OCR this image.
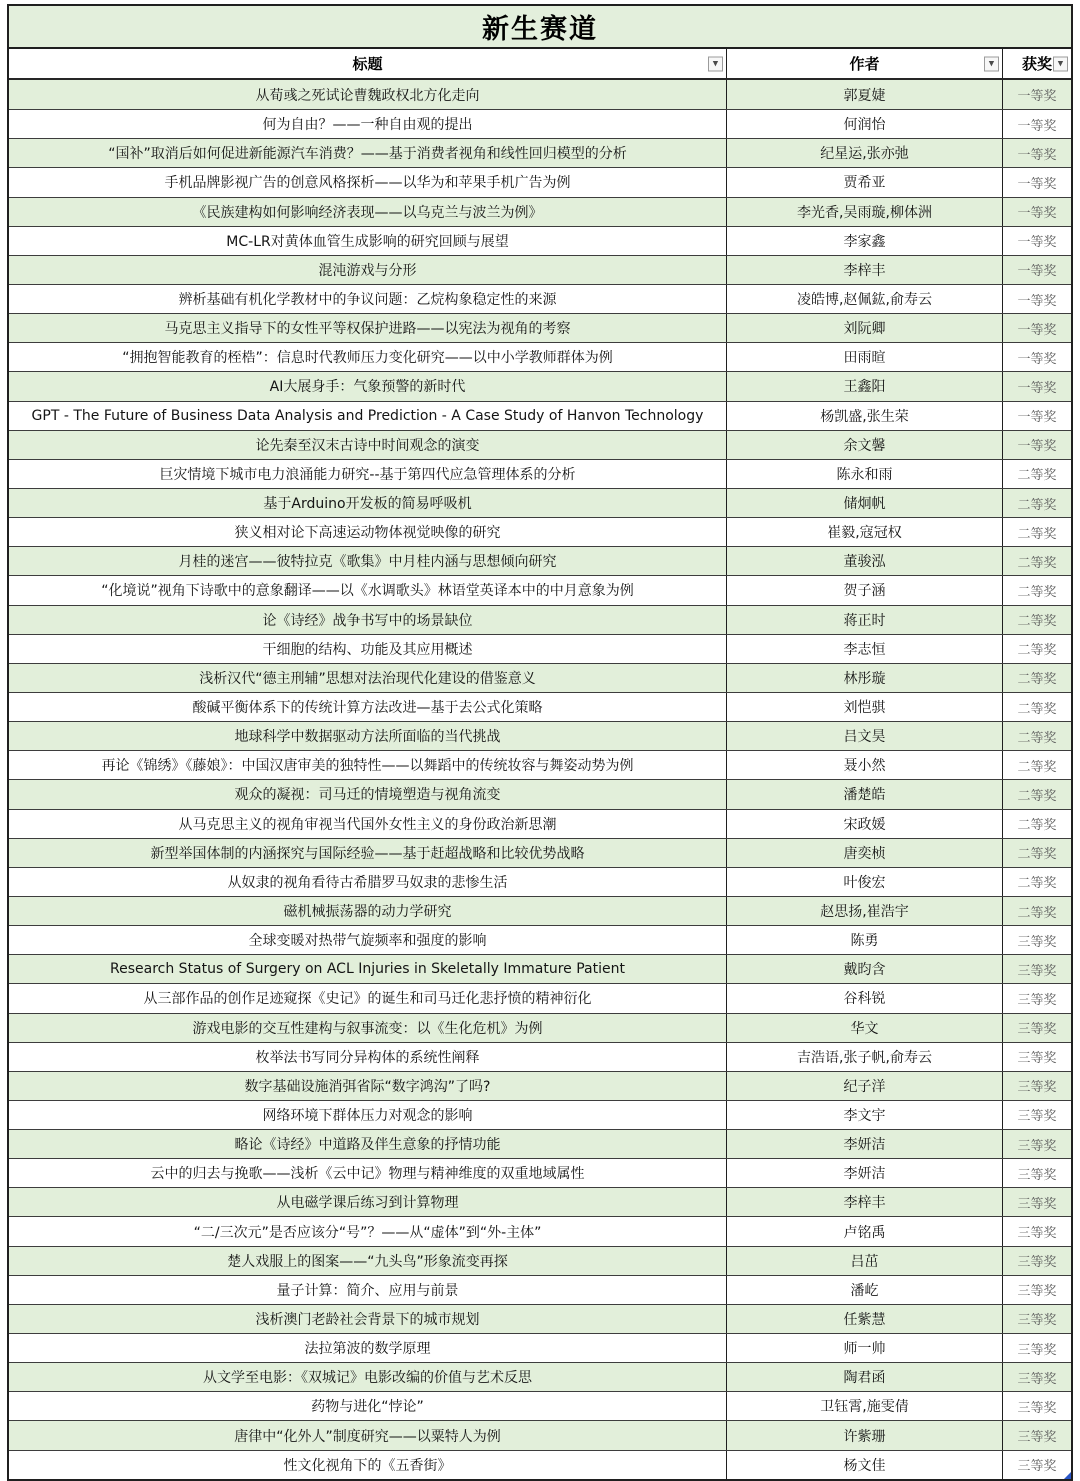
新生赛道
标题	▼	作者	▼ 获奖 ▼
从荀彧之死试论曹魏政权北方化走向	郭夏婕	一等奖
何为自由？——一种自由观的提出	何润怡	一等奖
“国补”取消后如何促进新能源汽车消费？——基于消费者视角和线性回归模型的分析	纪星运,张亦弛	一等奖
手机品牌影视广告的创意风格探析——以华为和苹果手机广告为例	贾希亚	一等奖
《民族建构如何影响经济表现——以乌克兰与波兰为例》	李光香,吴雨璇,柳体洲	一等奖
MC-LR对黄体血管生成影响的研究回顾与展望	李家鑫	一等奖
混沌游戏与分形	李梓丰	一等奖
辨析基础有机化学教材中的争议问题：乙烷构象稳定性的来源	凌皓博,赵佩鈜,俞寿云	一等奖
马克思主义指导下的女性平等权保护进路——以宪法为视角的考察	刘阮卿	一等奖
“拥抱智能教育的桎梏”：信息时代教师压力变化研究——以中小学教师群体为例	田雨暄	一等奖
AI大展身手：气象预警的新时代	王鑫阳	一等奖
GPT - The Future of Business Data Analysis and Prediction - A Case Study of Hanvon Technology	杨凯盛,张生荣	一等奖
论先秦至汉末古诗中时间观念的演变	余文馨	一等奖
巨灾情境下城市电力浪涌能力研究--基于第四代应急管理体系的分析	陈永和雨	二等奖
基于Arduino开发板的简易呼吸机	储炯帆	二等奖
狭义相对论下高速运动物体视觉映像的研究	崔毅,寇冠权	二等奖
月桂的迷宫——彼特拉克《歌集》中月桂内涵与思想倾向研究	董骏泓	二等奖
“化境说”视角下诗歌中的意象翻译——以《水调歌头》林语堂英译本中的中月意象为例	贺子涵	二等奖
论《诗经》战争书写中的场景缺位	蒋正时	二等奖
干细胞的结构、功能及其应用概述	李志恒	二等奖
浅析汉代“德主刑辅”思想对法治现代化建设的借鉴意义	林彤璇	二等奖
酸碱平衡体系下的传统计算方法改进—基于去公式化策略	刘恺骐	二等奖
地球科学中数据驱动方法所面临的当代挑战	吕文昊	二等奖
再论《锦绣》《藤娘》：中国汉唐审美的独特性——以舞蹈中的传统妆容与舞姿动势为例	聂小然	二等奖
观众的凝视：司马迁的情境塑造与视角流变	潘楚皓	二等奖
从马克思主义的视角审视当代国外女性主义的身份政治新思潮	宋政媛	二等奖
新型举国体制的内涵探究与国际经验——基于赶超战略和比较优势战略	唐奕桢	二等奖
从奴隶的视角看待古希腊罗马奴隶的悲惨生活	叶俊宏	二等奖
磁机械振荡器的动力学研究	赵思扬,崔浩宇	二等奖
全球变暖对热带气旋频率和强度的影响	陈勇	三等奖
Research Status of Surgery on ACL Injuries in Skeletally Immature Patient	戴昀含	三等奖
从三部作品的创作足迹窥探《史记》的诞生和司马迁化悲抒愤的精神衍化	谷科锐	三等奖
游戏电影的交互性建构与叙事流变：以《生化危机》为例	华文	三等奖
枚举法书写同分异构体的系统性阐释	吉浩语,张子帆,俞寿云	三等奖
数字基础设施消弭省际“数字鸿沟”了吗?	纪子洋	三等奖
网络环境下群体压力对观念的影响	李文宇	三等奖
略论《诗经》中道路及伴生意象的抒情功能	李妍洁	三等奖
云中的归去与挽歌——浅析《云中记》物理与精神维度的双重地域属性	李妍洁	三等奖
从电磁学课后练习到计算物理	李梓丰	三等奖
“二/三次元”是否应该分“号”？——从“虚体”到“外-主体”	卢铭禹	三等奖
楚人戏服上的图案——“九头鸟”形象流变再探	吕茁	三等奖
量子计算：简介、应用与前景	潘屹	三等奖
浅析澳门老龄社会背景下的城市规划	任紫慧	三等奖
法拉第波的数学原理	师一帅	三等奖
从文学至电影：《双城记》电影改编的价值与艺术反思	陶君函	三等奖
药物与进化“悖论”	卫钰霄,施雯倩	三等奖
唐律中“化外人”制度研究——以粟特人为例	许紫珊	三等奖
性文化视角下的《五香街》	杨文佳	三等奖
